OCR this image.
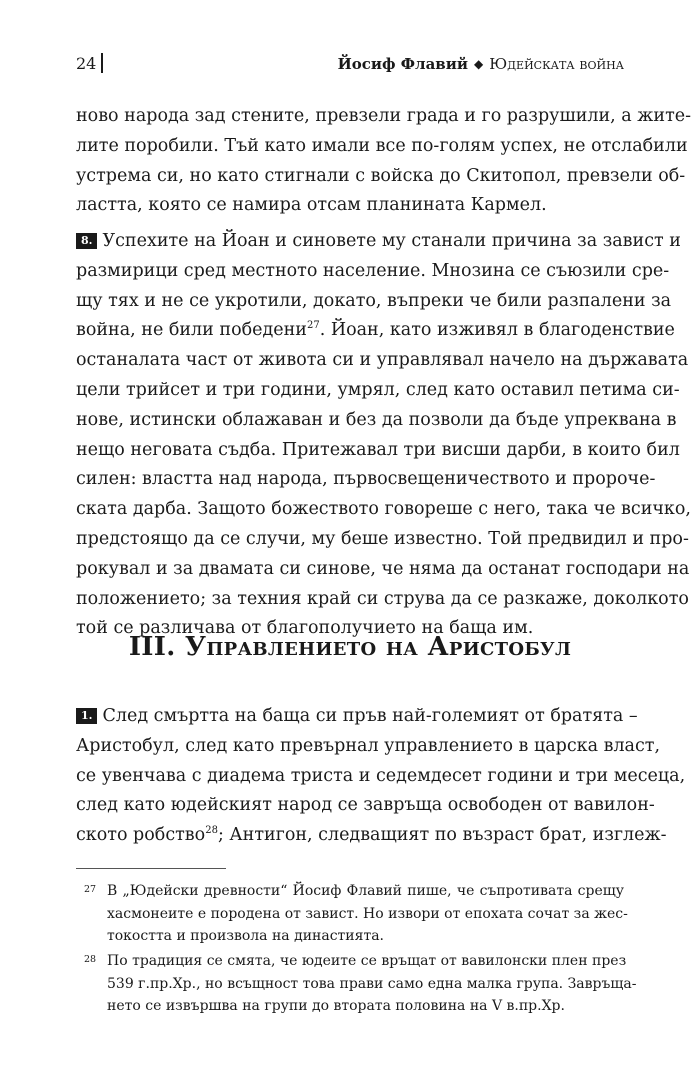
24	Йосиф Флавий ◆ Юдейската война
ново народа зад стените, превзели града и го разрушили, а жите-
лите поробили. Тъй като имали все по-голям успех, не отслабили
устрема си, но като стигнали с войска до Скитопол, превзели об-
ластта, която се намира отсам планината Кармел.
8. Успехите на Йоан и синовете му станали причина за завист и
размирици сред местното население. Мнозина се съюзили сре-
щу тях и не се укротили, докато, въпреки че били разпалени за
война, не били победени$^{27}$. Йоан, като изживял в благоденствие
останалата част от живота си и управлявал начело на държавата
цели трийсет и три години, умрял, след като оставил петима си-
нове, истински облажаван и без да позволи да бъде упреквана в
нещо неговата съдба. Притежавал три висши дарби, в които бил
силен: властта над народа, първосвещеничеството и пророче-
ската дарба. Защото божеството говореше с него, така че всичко,
предстоящо да се случи, му беше известно. Той предвидил и про-
рокувал и за двамата си синове, че няма да останат господари на
положението; за техния край си струва да се разкаже, доколкото
той се различава от благополучието на баща им.
III. Управлението на Аристобул
1. След смъртта на баща си пръв най-големият от братята –
Аристобул, след като превърнал управлението в царска власт,
се увенчава с диадема триста и седемдесет години и три месеца,
след като юдейският народ се завръща освободен от вавилон-
ското робство$^{28}$; Антигон, следващият по възраст брат, изглеж-
27 В „Юдейски древности“ Йосиф Флавий пише, че съпротивата срещу
хасмонеите е породена от завист. Но извори от епохата сочат за жес-
токостта и произвола на династията.
28 По традиция се смята, че юдеите се връщат от вавилонски плен през
539 г.пр.Хр., но всъщност това прави само една малка група. Завръща-
нето се извършва на групи до втората половина на V в.пр.Хр.
